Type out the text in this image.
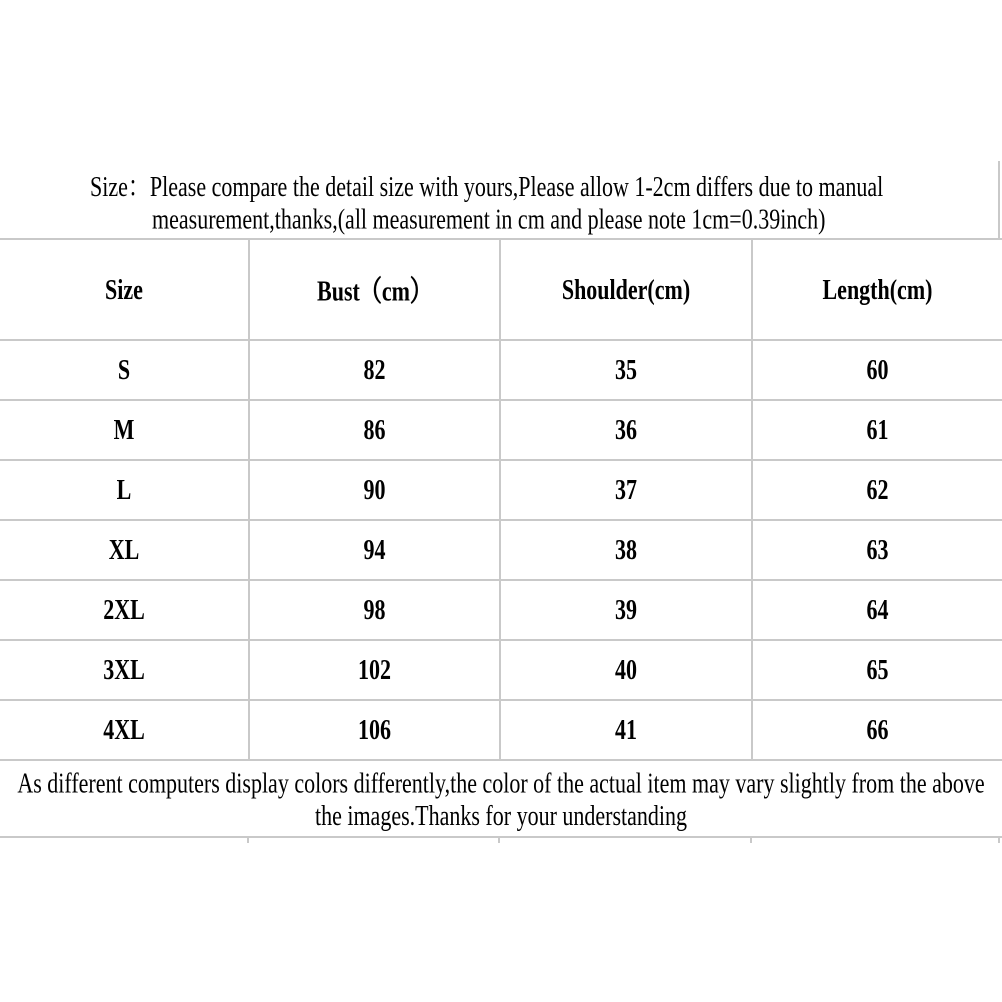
Size：Please compare the detail size with yours,Please allow 1-2cm differs due to manual
measurement,thanks,(all measurement in cm and please note 1cm=0.39inch)
Size	Bust（cm）	Shoulder(cm)	Length(cm)

S	82	35	60

M	86	36	61

L	90	37	62

XL	94	38	63

2XL	98	39	64

3XL	102	40	65

4XL	106	41	66

As different computers display colors differently,the color of the actual item may vary slightly from the above
the images.Thanks for your understanding			
